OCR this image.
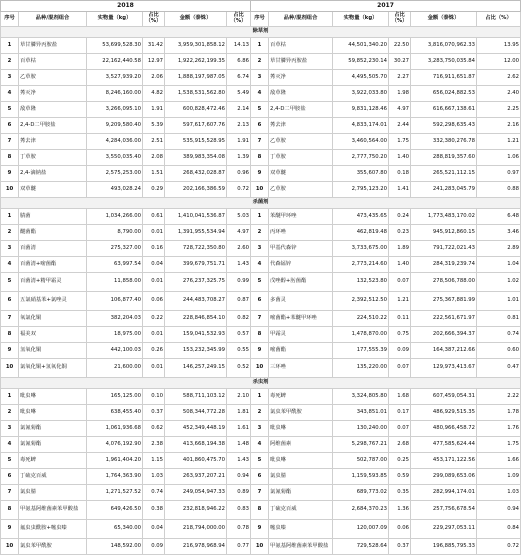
2018						2017					
序号	品种/混剂组合	实物量（kg）	占比（%）	金额（泰铢）	占比（%）	序号	品种/混剂组合	实物量（kg）	占比（%）	金额（泰铢）	占比（%）
除草剂											
1	草甘膦异丙胺盐	53,699,528.30	31.42	3,959,301,858.12	14.13	1	百草枯	44,501,340.20	22.50	3,816,070,962.33	13.95
2	百草枯	22,162,440.58	12.97	1,922,262,199.35	6.86	2	草甘膦异丙胺盐	59,852,230.14	30.27	3,283,750,035.84	12.00
3	乙草胺	3,527,939.20	2.06	1,888,197,987.05	6.74	3	莠灭净	4,495,505.70	2.27	716,911,651.87	2.62
4	莠灭净	8,246,160.00	4.82	1,538,531,562.80	5.49	4	敌草隆	3,922,033.80	1.98	656,024,882.53	2.40
5	敌草隆	3,266,095.10	1.91	600,828,472.46	2.14	5	2,4-D二甲胺盐	9,831,128.46	4.97	616,667,138.61	2.25
6	2,4-D二甲胺盐	9,209,580.40	5.39	597,617,607.76	2.13	6	莠去津	4,833,174.01	2.44	592,298,635.43	2.16
7	莠去津	4,284,036.00	2.51	535,915,528.95	1.91	7	乙草胺	3,460,564.00	1.75	332,380,276.78	1.21
8	丁草胺	3,550,035.40	2.08	389,983,354.08	1.39	8	丁草胺	2,777,750.20	1.40	288,819,357.60	1.06
9	2,4-滴钠盐	2,575,253.00	1.51	268,432,028.87	0.96	9	双草醚	355,607.80	0.18	265,521,112.15	0.97
10	双草醚	493,028.24	0.29	202,166,386.59	0.72	10	乙草胺	2,795,123.20	1.41	241,283,045.79	0.88
杀菌剂											
1	腈菌	1,034,266.00	0.61	1,410,041,536.87	5.03	1	苯醚甲环唑	473,435.65	0.24	1,773,483,170.02	6.48
2	醚菌酯	8,790.00	0.01	1,391,955,534.94	4.97	2	丙环唑	462,819.48	0.23	945,912,860.15	3.46
3	百菌清	275,327.00	0.16	728,722,350.80	2.60	3	甲基代森锌	3,733,675.00	1.89	791,722,021.43	2.89
4	百菌清+嘧菌酯	63,997.54	0.04	399,679,751.71	1.43	4	代森锰锌	2,773,214.60	1.40	284,319,239.74	1.04
5	百菌清+精甲霜灵	11,858.00	0.01	276,237,325.75	0.99	5	戊唑醇+肟菌酯	132,523.80	0.07	278,506,788.00	1.02
6	五氯硝基苯+氯唑灵	106,877.40	0.06	244,483,708.27	0.87	6	多菌灵	2,392,512.50	1.21	275,367,881.99	1.01
7	氧氯化铜	382,204.03	0.22	228,846,854.10	0.82	7	嘧菌酯+苯醚甲环唑	224,510.22	0.11	222,561,671.97	0.81
8	福美双	18,975.00	0.01	159,041,532.93	0.57	8	甲霜灵	1,478,870.00	0.75	202,666,394.37	0.74
9	氢氧化铜	442,100.03	0.26	153,232,345.99	0.55	9	嘧菌酯	177,555.39	0.09	164,387,212.66	0.60
10	氯氧化铜+氢氧化铜	21,600.00	0.01	146,257,249.15	0.52	10	三环唑	135,220.00	0.07	129,973,413.67	0.47
杀虫剂											
1	吡虫啉	165,125.00	0.10	588,711,103.12	2.10	1	毒死蜱	3,324,805.80	1.68	607,459,054.31	2.22
2	吡虫啉	638,455.40	0.37	508,344,772.28	1.81	2	氯虫苯甲酰胺	343,851.01	0.17	486,929,515.35	1.78
3	氯氰菊酯	1,061,936.68	0.62	452,349,448.19	1.61	3	吡虫啉	130,240.00	0.07	480,966,458.72	1.76
4	氯氰菊酯	4,076,192.90	2.38	413,668,194.38	1.48	4	阿维菌素	5,298,767.21	2.68	477,585,624.44	1.75
5	毒死蜱	1,961,404.20	1.15	401,860,475.70	1.43	5	吡虫啉	502,787.00	0.25	453,171,122.56	1.66
6	丁硫克百威	1,764,363.90	1.03	263,937,207.21	0.94	6	氯虫腈	1,159,593.85	0.59	299,089,653.06	1.09
7	氯虫腈	1,271,527.52	0.74	249,054,947.33	0.89	7	氯氰菊酯	689,773.02	0.35	282,994,174.01	1.03
8	甲氨基阿维菌素苯甲酸盐	649,426.50	0.38	232,818,946.22	0.83	8	丁硫克百威	2,684,370.23	1.36	257,756,678.54	0.94
9	氟虫虫酰胺+噻虫嗪	65,340.00	0.04	218,794,000.00	0.78	9	噻虫嗪	120,007.09	0.06	229,297,053.11	0.84
10	氯虫苯甲酰胺	148,592.00	0.09	216,978,968.94	0.77	10	甲氨基阿维菌素苯甲酸盐	729,528.64	0.37	196,885,795.33	0.72
